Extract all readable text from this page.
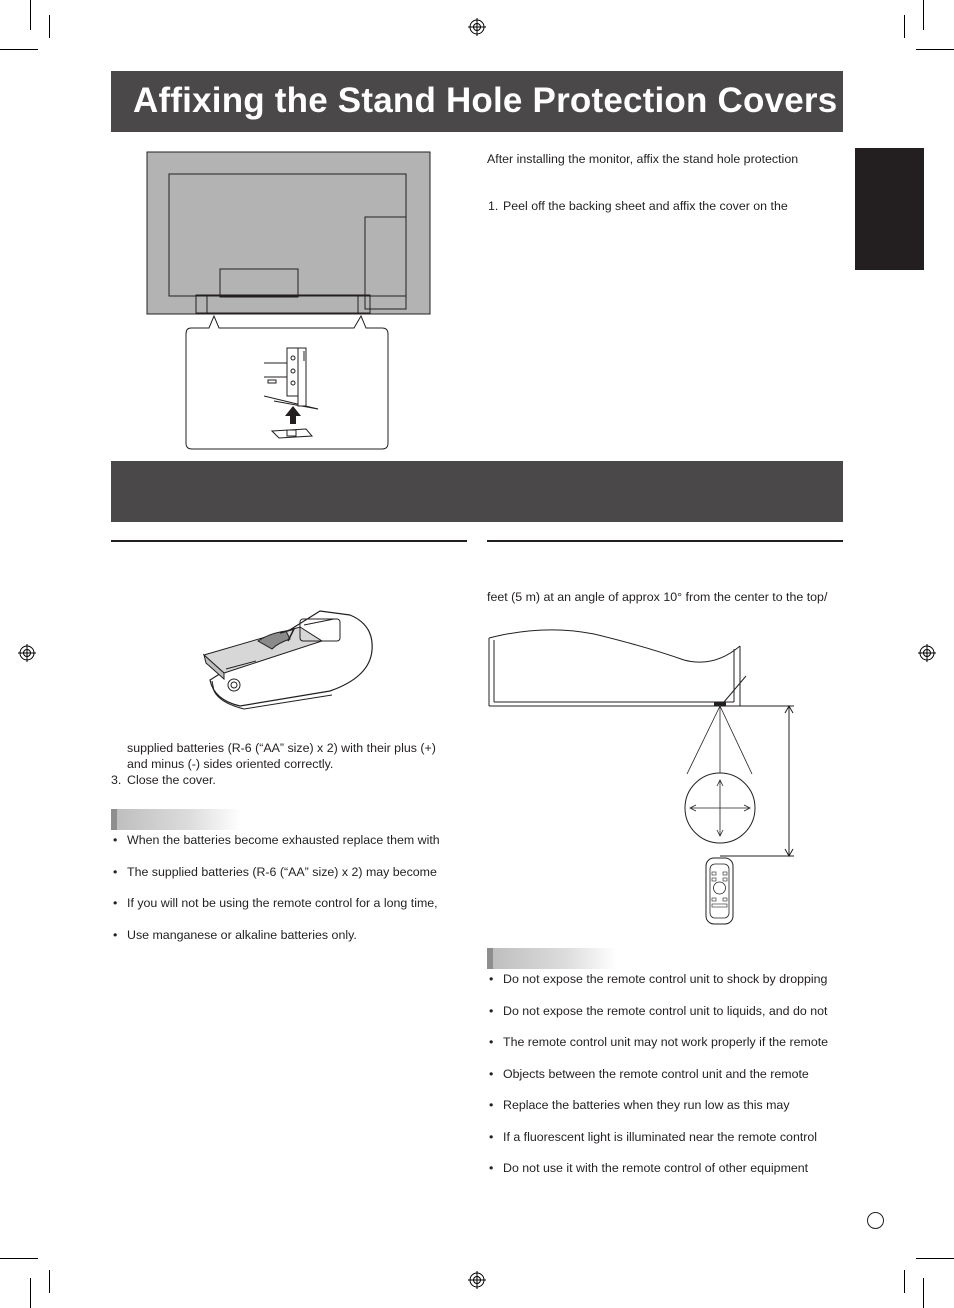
Affixing the Stand Hole Protection Covers
After installing the monitor, affix the stand hole protection
1. Peel off the backing sheet and affix the cover on the
supplied batteries (R-6 (“AA” size) x 2) with their plus (+)
and minus (-) sides oriented correctly.
3. Close the cover.
• When the batteries become exhausted replace them with
• The supplied batteries (R-6 (“AA” size) x 2) may become
• If you will not be using the remote control for a long time,
• Use manganese or alkaline batteries only.
feet (5 m) at an angle of approx 10° from the center to the top/
• Do not expose the remote control unit to shock by dropping
• Do not expose the remote control unit to liquids, and do not
• The remote control unit may not work properly if the remote
• Objects between the remote control unit and the remote
• Replace the batteries when they run low as this may
• If a fluorescent light is illuminated near the remote control
• Do not use it with the remote control of other equipment
